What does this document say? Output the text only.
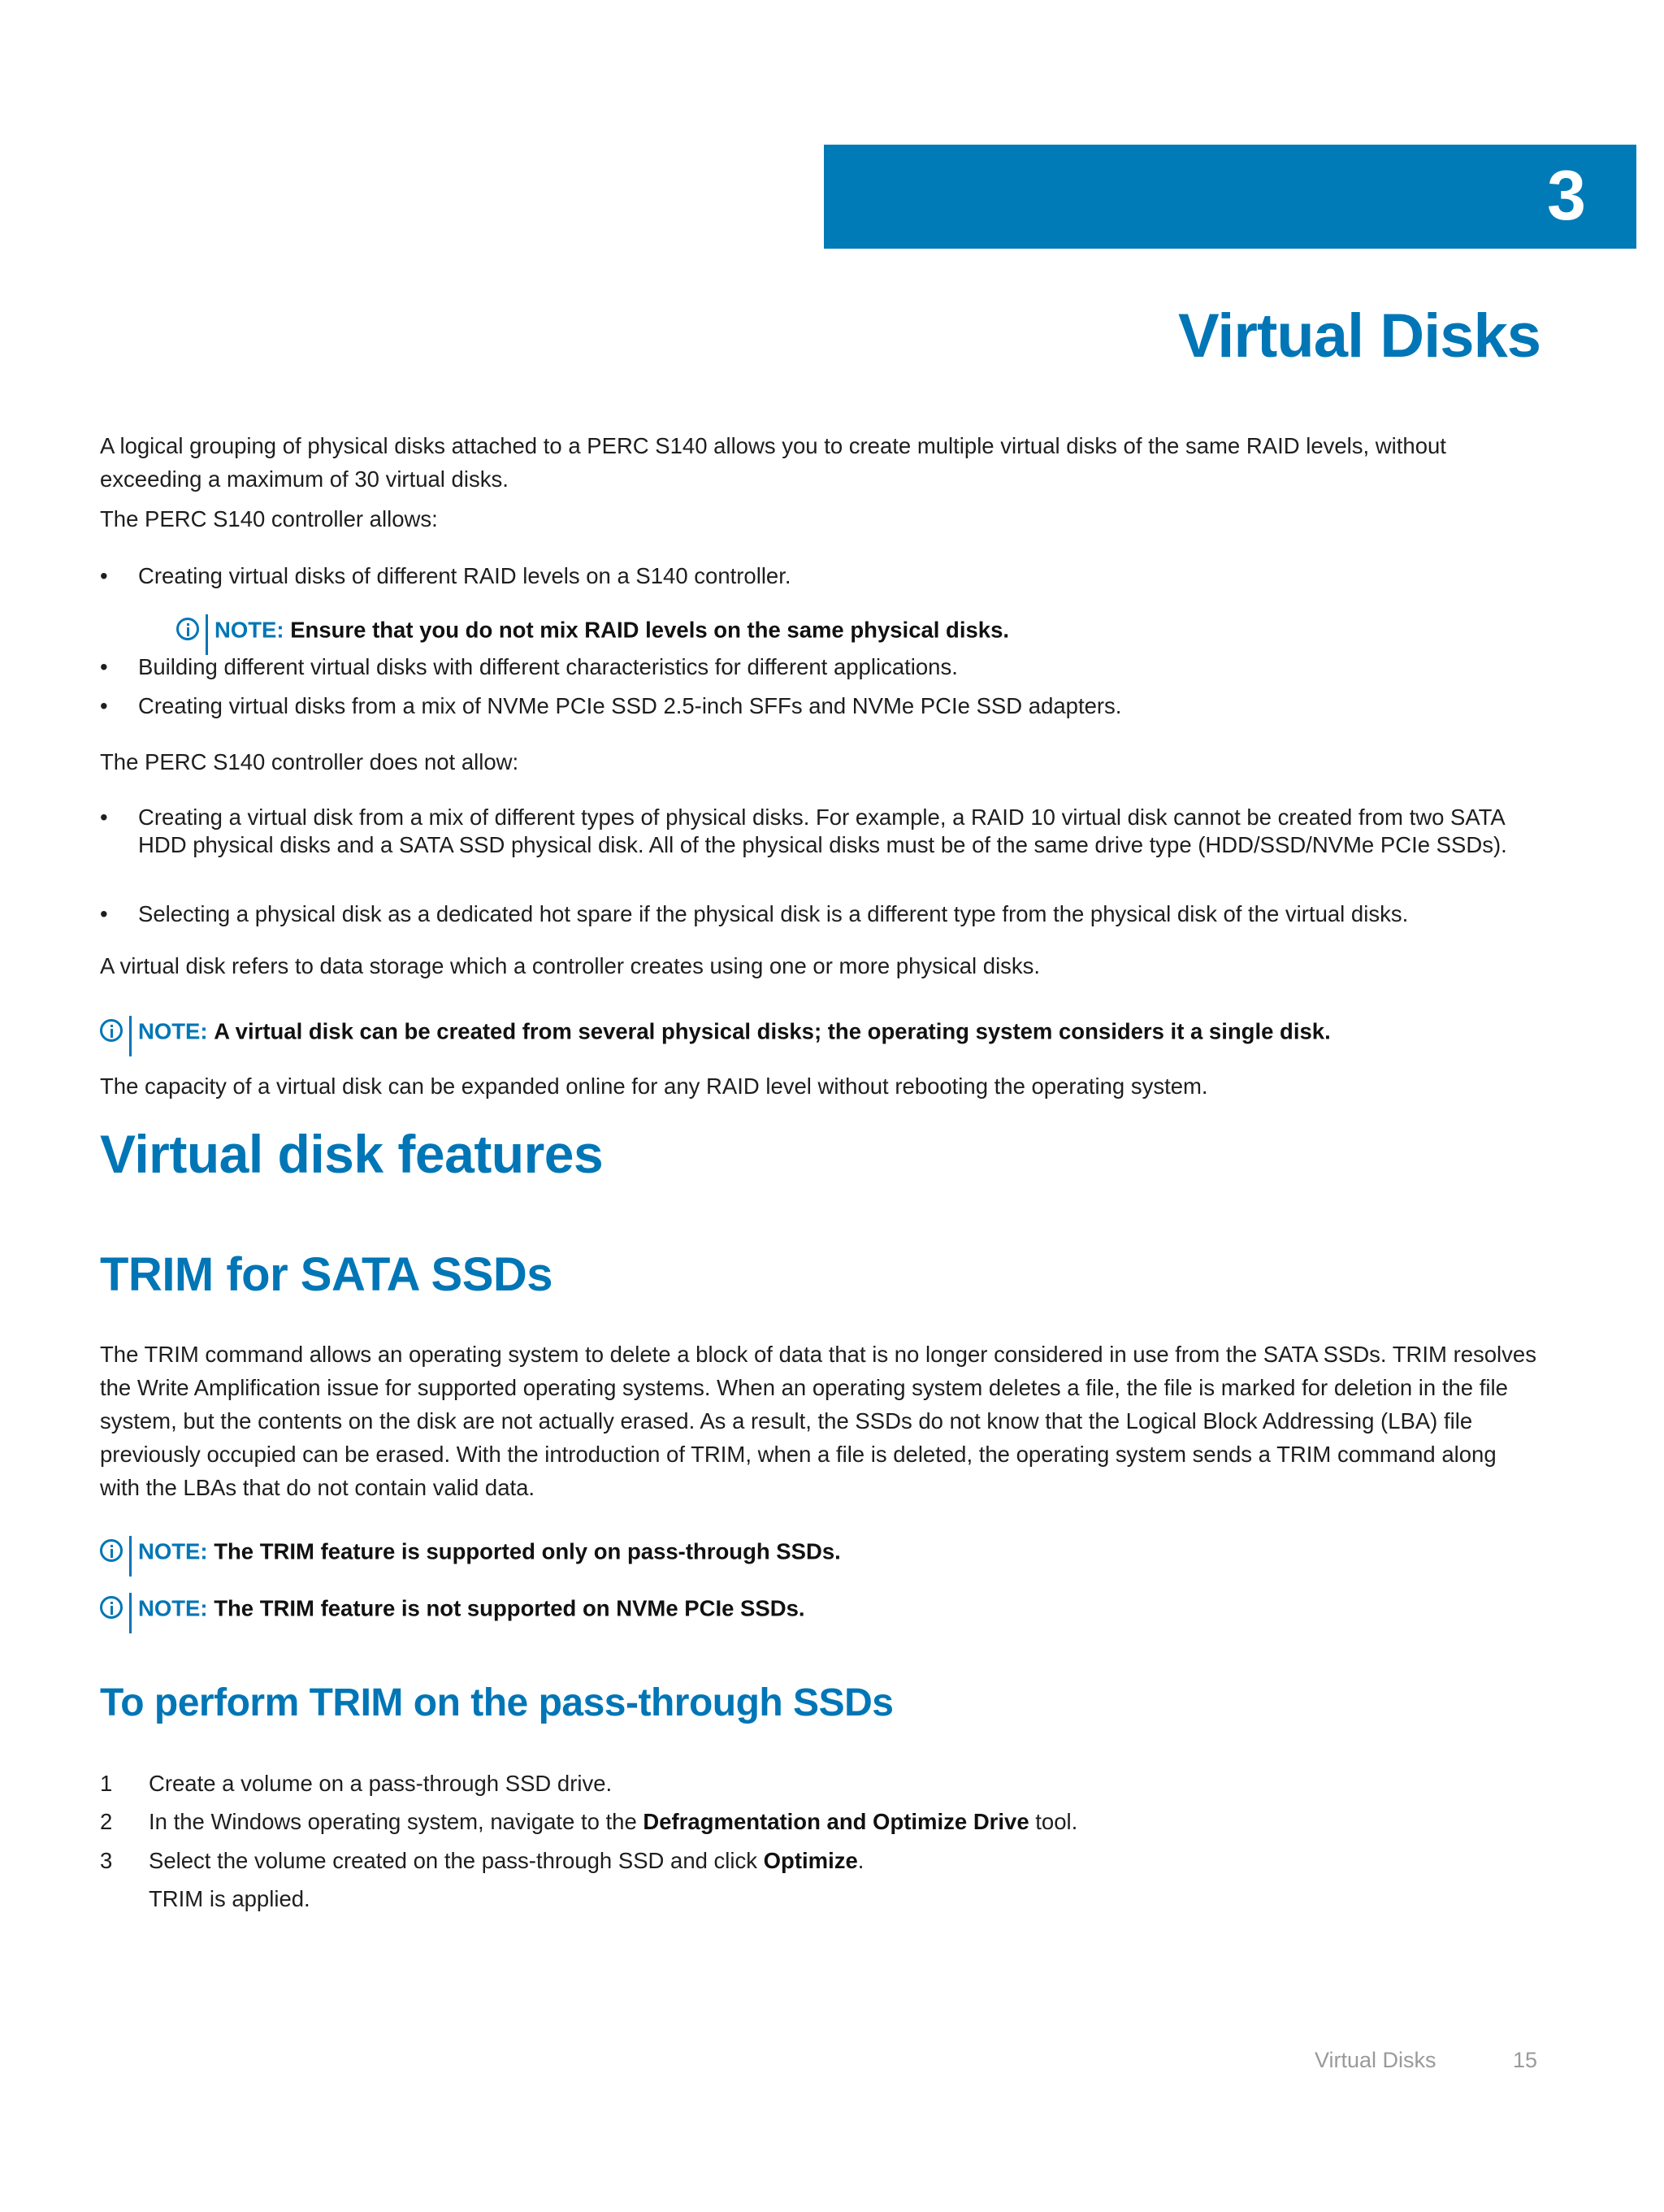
3
Virtual Disks
A logical grouping of physical disks attached to a PERC S140 allows you to create multiple virtual disks of the same RAID levels, without exceeding a maximum of 30 virtual disks.
The PERC S140 controller allows:
•	Creating virtual disks of different RAID levels on a S140 controller.
NOTE: Ensure that you do not mix RAID levels on the same physical disks.
•	Building different virtual disks with different characteristics for different applications.
•	Creating virtual disks from a mix of NVMe PCIe SSD 2.5-inch SFFs and NVMe PCIe SSD adapters.
The PERC S140 controller does not allow:
•	Creating a virtual disk from a mix of different types of physical disks. For example, a RAID 10 virtual disk cannot be created from two SATA HDD physical disks and a SATA SSD physical disk. All of the physical disks must be of the same drive type (HDD/SSD/NVMe PCIe SSDs).
•	Selecting a physical disk as a dedicated hot spare if the physical disk is a different type from the physical disk of the virtual disks.
A virtual disk refers to data storage which a controller creates using one or more physical disks.
NOTE: A virtual disk can be created from several physical disks; the operating system considers it a single disk.
The capacity of a virtual disk can be expanded online for any RAID level without rebooting the operating system.
Virtual disk features
TRIM for SATA SSDs
The TRIM command allows an operating system to delete a block of data that is no longer considered in use from the SATA SSDs. TRIM resolves the Write Amplification issue for supported operating systems. When an operating system deletes a file, the file is marked for deletion in the file system, but the contents on the disk are not actually erased. As a result, the SSDs do not know that the Logical Block Addressing (LBA) file previously occupied can be erased. With the introduction of TRIM, when a file is deleted, the operating system sends a TRIM command along with the LBAs that do not contain valid data.
NOTE: The TRIM feature is supported only on pass-through SSDs.
NOTE: The TRIM feature is not supported on NVMe PCIe SSDs.
To perform TRIM on the pass-through SSDs
1 Create a volume on a pass-through SSD drive.
2 In the Windows operating system, navigate to the Defragmentation and Optimize Drive tool.
3 Select the volume created on the pass-through SSD and click Optimize.
TRIM is applied.
Virtual Disks	15
